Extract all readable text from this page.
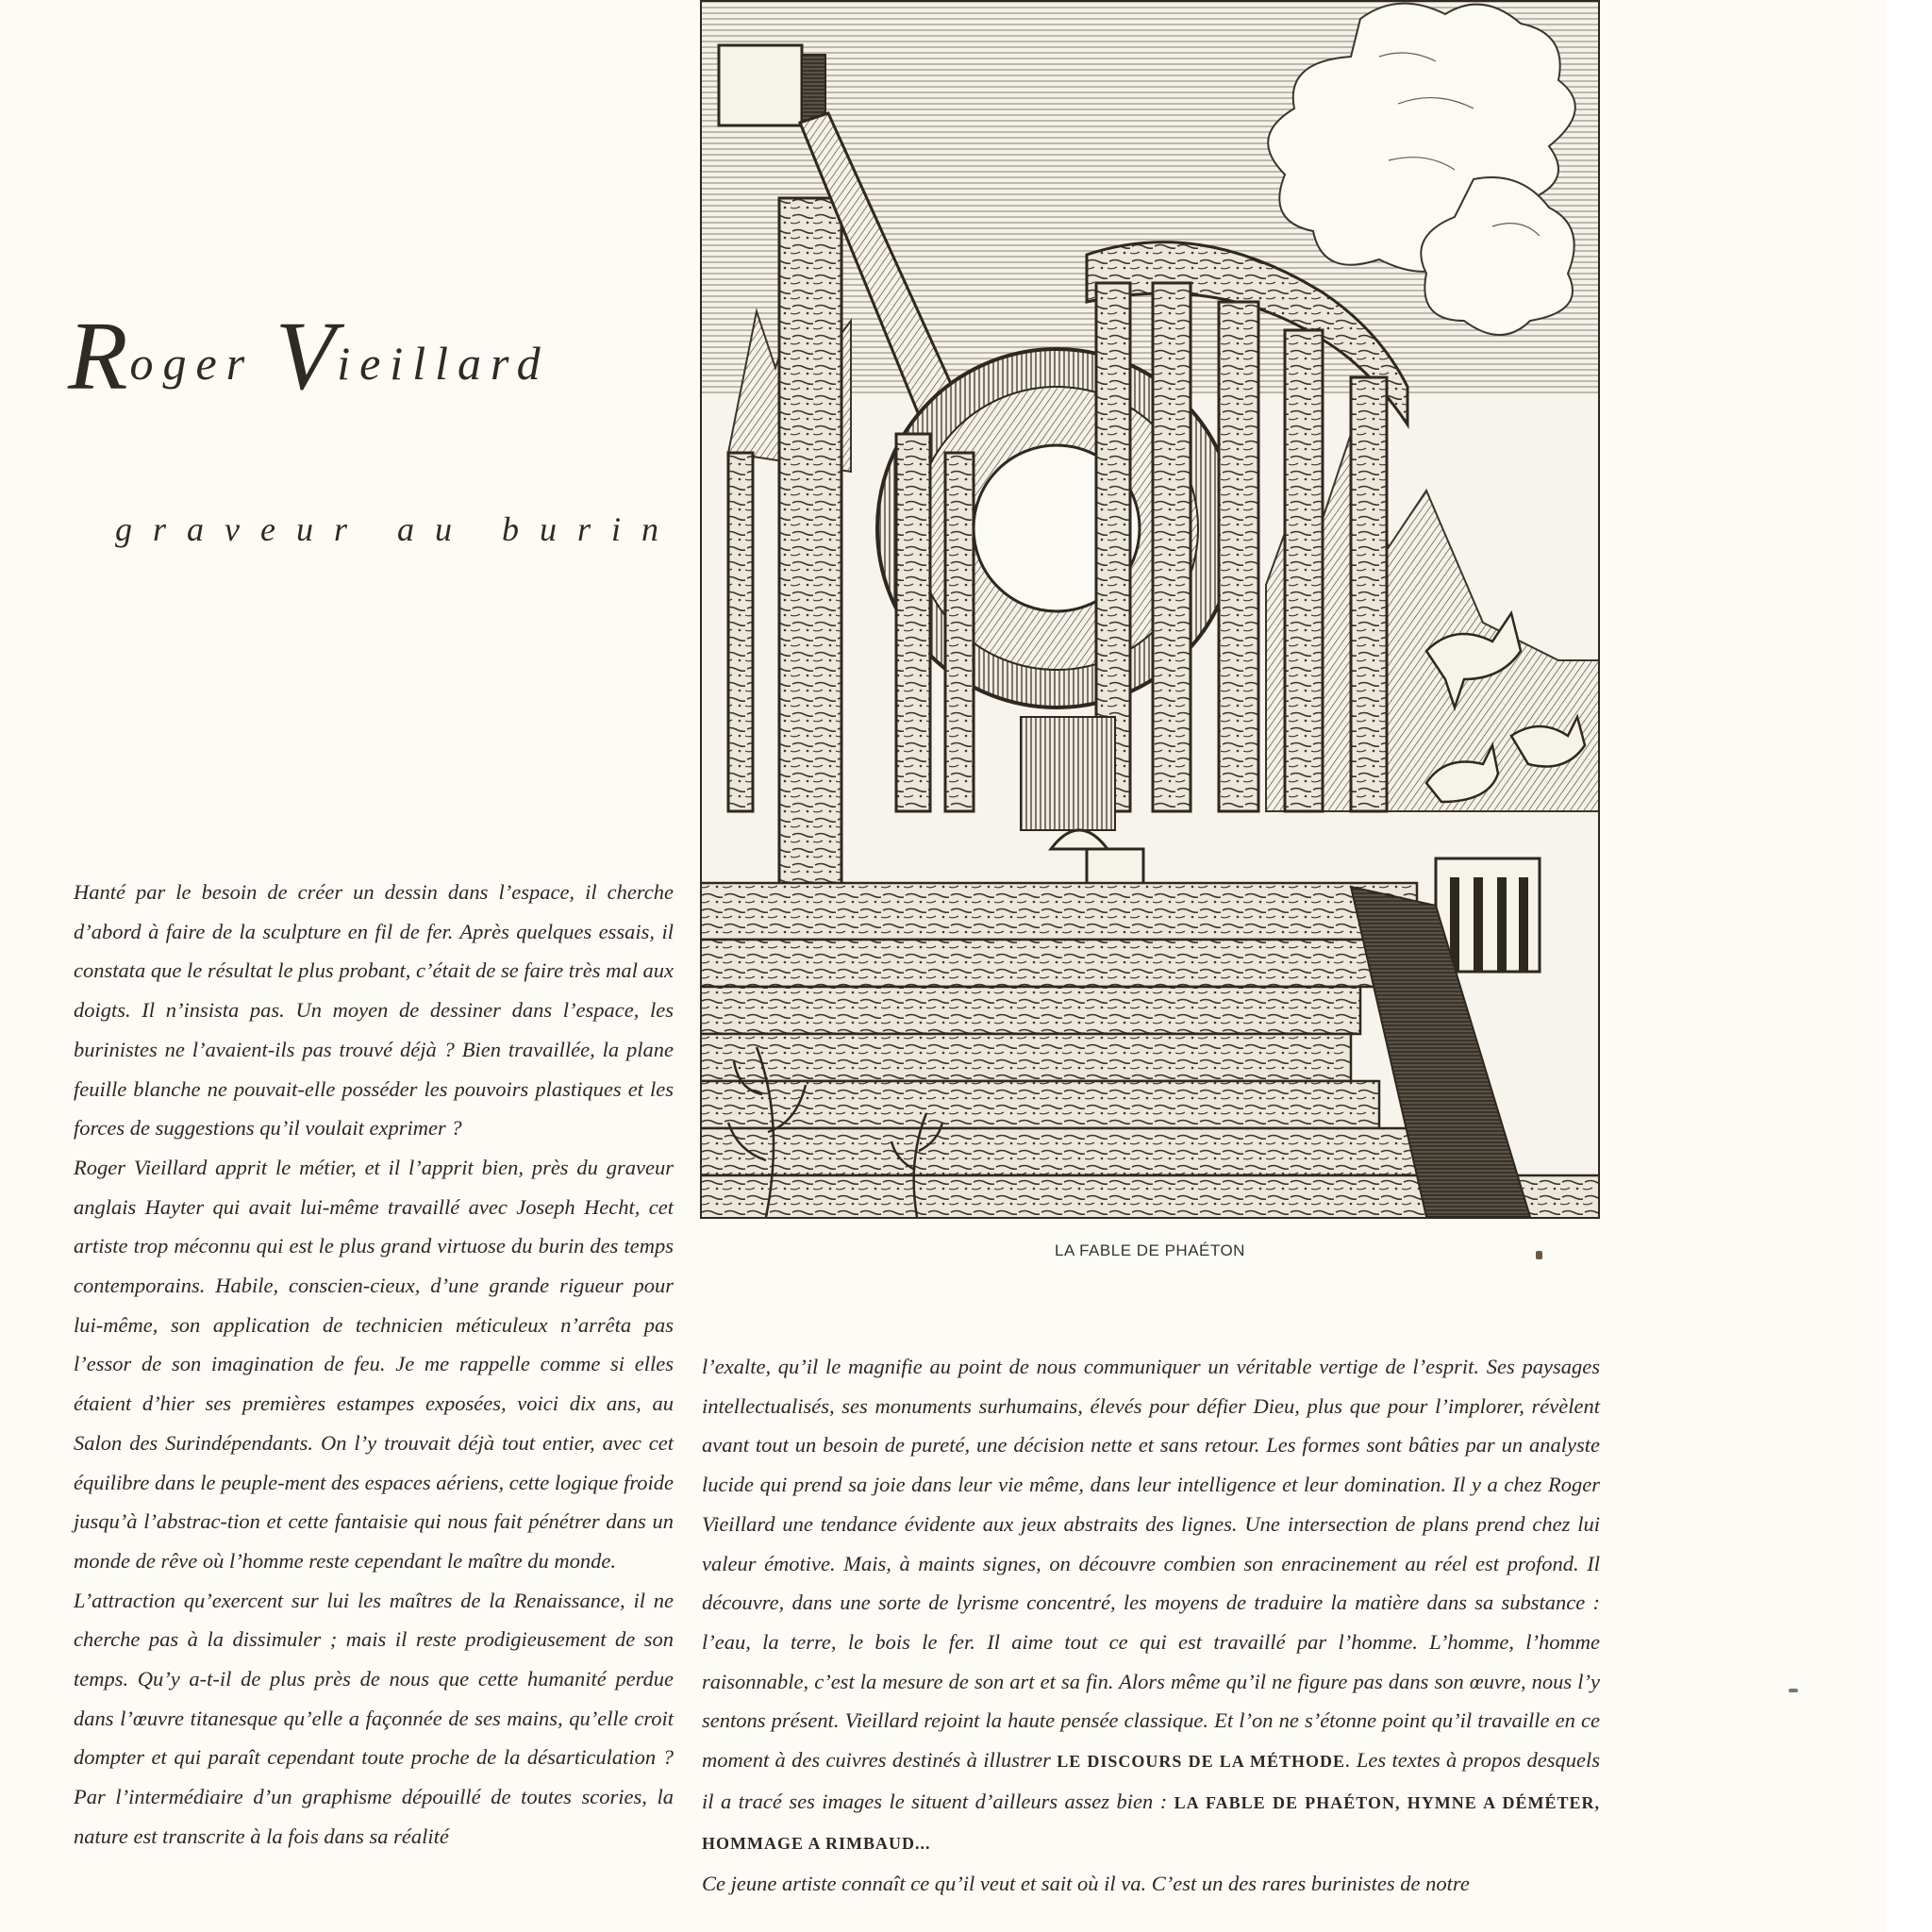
Roger Vieillard
graveur au burin
LA FABLE DE PHAÉTON

Hanté par le besoin de créer un dessin dans l’espace, il cherche d’abord à faire de la sculpture en fil de fer. Après quelques essais, il constata que le résultat le plus probant, c’était de se faire très mal aux doigts. Il n’insista pas. Un moyen de dessiner dans l’espace, les burinistes ne l’avaient-ils pas trouvé déjà ? Bien travaillée, la plane feuille blanche ne pouvait-elle posséder les pouvoirs plastiques et les forces de suggestions qu’il voulait exprimer ?

Roger Vieillard apprit le métier, et il l’apprit bien, près du graveur anglais Hayter qui avait lui-même travaillé avec Joseph Hecht, cet artiste trop méconnu qui est le plus grand virtuose du burin des temps contemporains. Habile, conscien-cieux, d’une grande rigueur pour lui-même, son application de technicien méticuleux n’arrêta pas l’essor de son imagination de feu. Je me rappelle comme si elles étaient d’hier ses premières estampes exposées, voici dix ans, au Salon des Surindépendants. On l’y trouvait déjà tout entier, avec cet équilibre dans le peuple-ment des espaces aériens, cette logique froide jusqu’à l’abstrac-tion et cette fantaisie qui nous fait pénétrer dans un monde de rêve où l’homme reste cependant le maître du monde.

L’attraction qu’exercent sur lui les maîtres de la Renaissance, il ne cherche pas à la dissimuler ; mais il reste prodigieusement de son temps. Qu’y a-t-il de plus près de nous que cette humanité perdue dans l’œuvre titanesque qu’elle a façonnée de ses mains, qu’elle croit dompter et qui paraît cependant toute proche de la désarticulation ? Par l’intermédiaire d’un graphisme dépouillé de toutes scories, la nature est transcrite à la fois dans sa réalité

l’exalte, qu’il le magnifie au point de nous communiquer un véritable vertige de l’esprit. Ses paysages intellectualisés, ses monuments surhumains, élevés pour défier Dieu, plus que pour l’implorer, révèlent avant tout un besoin de pureté, une décision nette et sans retour. Les formes sont bâties par un analyste lucide qui prend sa joie dans leur vie même, dans leur intelligence et leur domination. Il y a chez Roger Vieillard une tendance évidente aux jeux abstraits des lignes. Une intersection de plans prend chez lui valeur émotive. Mais, à maints signes, on découvre combien son enracinement au réel est profond. Il découvre, dans une sorte de lyrisme concentré, les moyens de traduire la matière dans sa substance : l’eau, la terre, le bois le fer. Il aime tout ce qui est travaillé par l’homme. L’homme, l’homme raisonnable, c’est la mesure de son art et sa fin. Alors même qu’il ne figure pas dans son œuvre, nous l’y sentons présent. Vieillard rejoint la haute pensée classique. Et l’on ne s’étonne point qu’il travaille en ce moment à des cuivres destinés à illustrer LE DISCOURS DE LA MÉTHODE. Les textes à propos desquels il a tracé ses images le situent d’ailleurs assez bien : LA FABLE DE PHAÉTON, HYMNE A DÉMÉTER, HOMMAGE A RIMBAUD...

Ce jeune artiste connaît ce qu’il veut et sait où il va. C’est un des rares burinistes de notre
